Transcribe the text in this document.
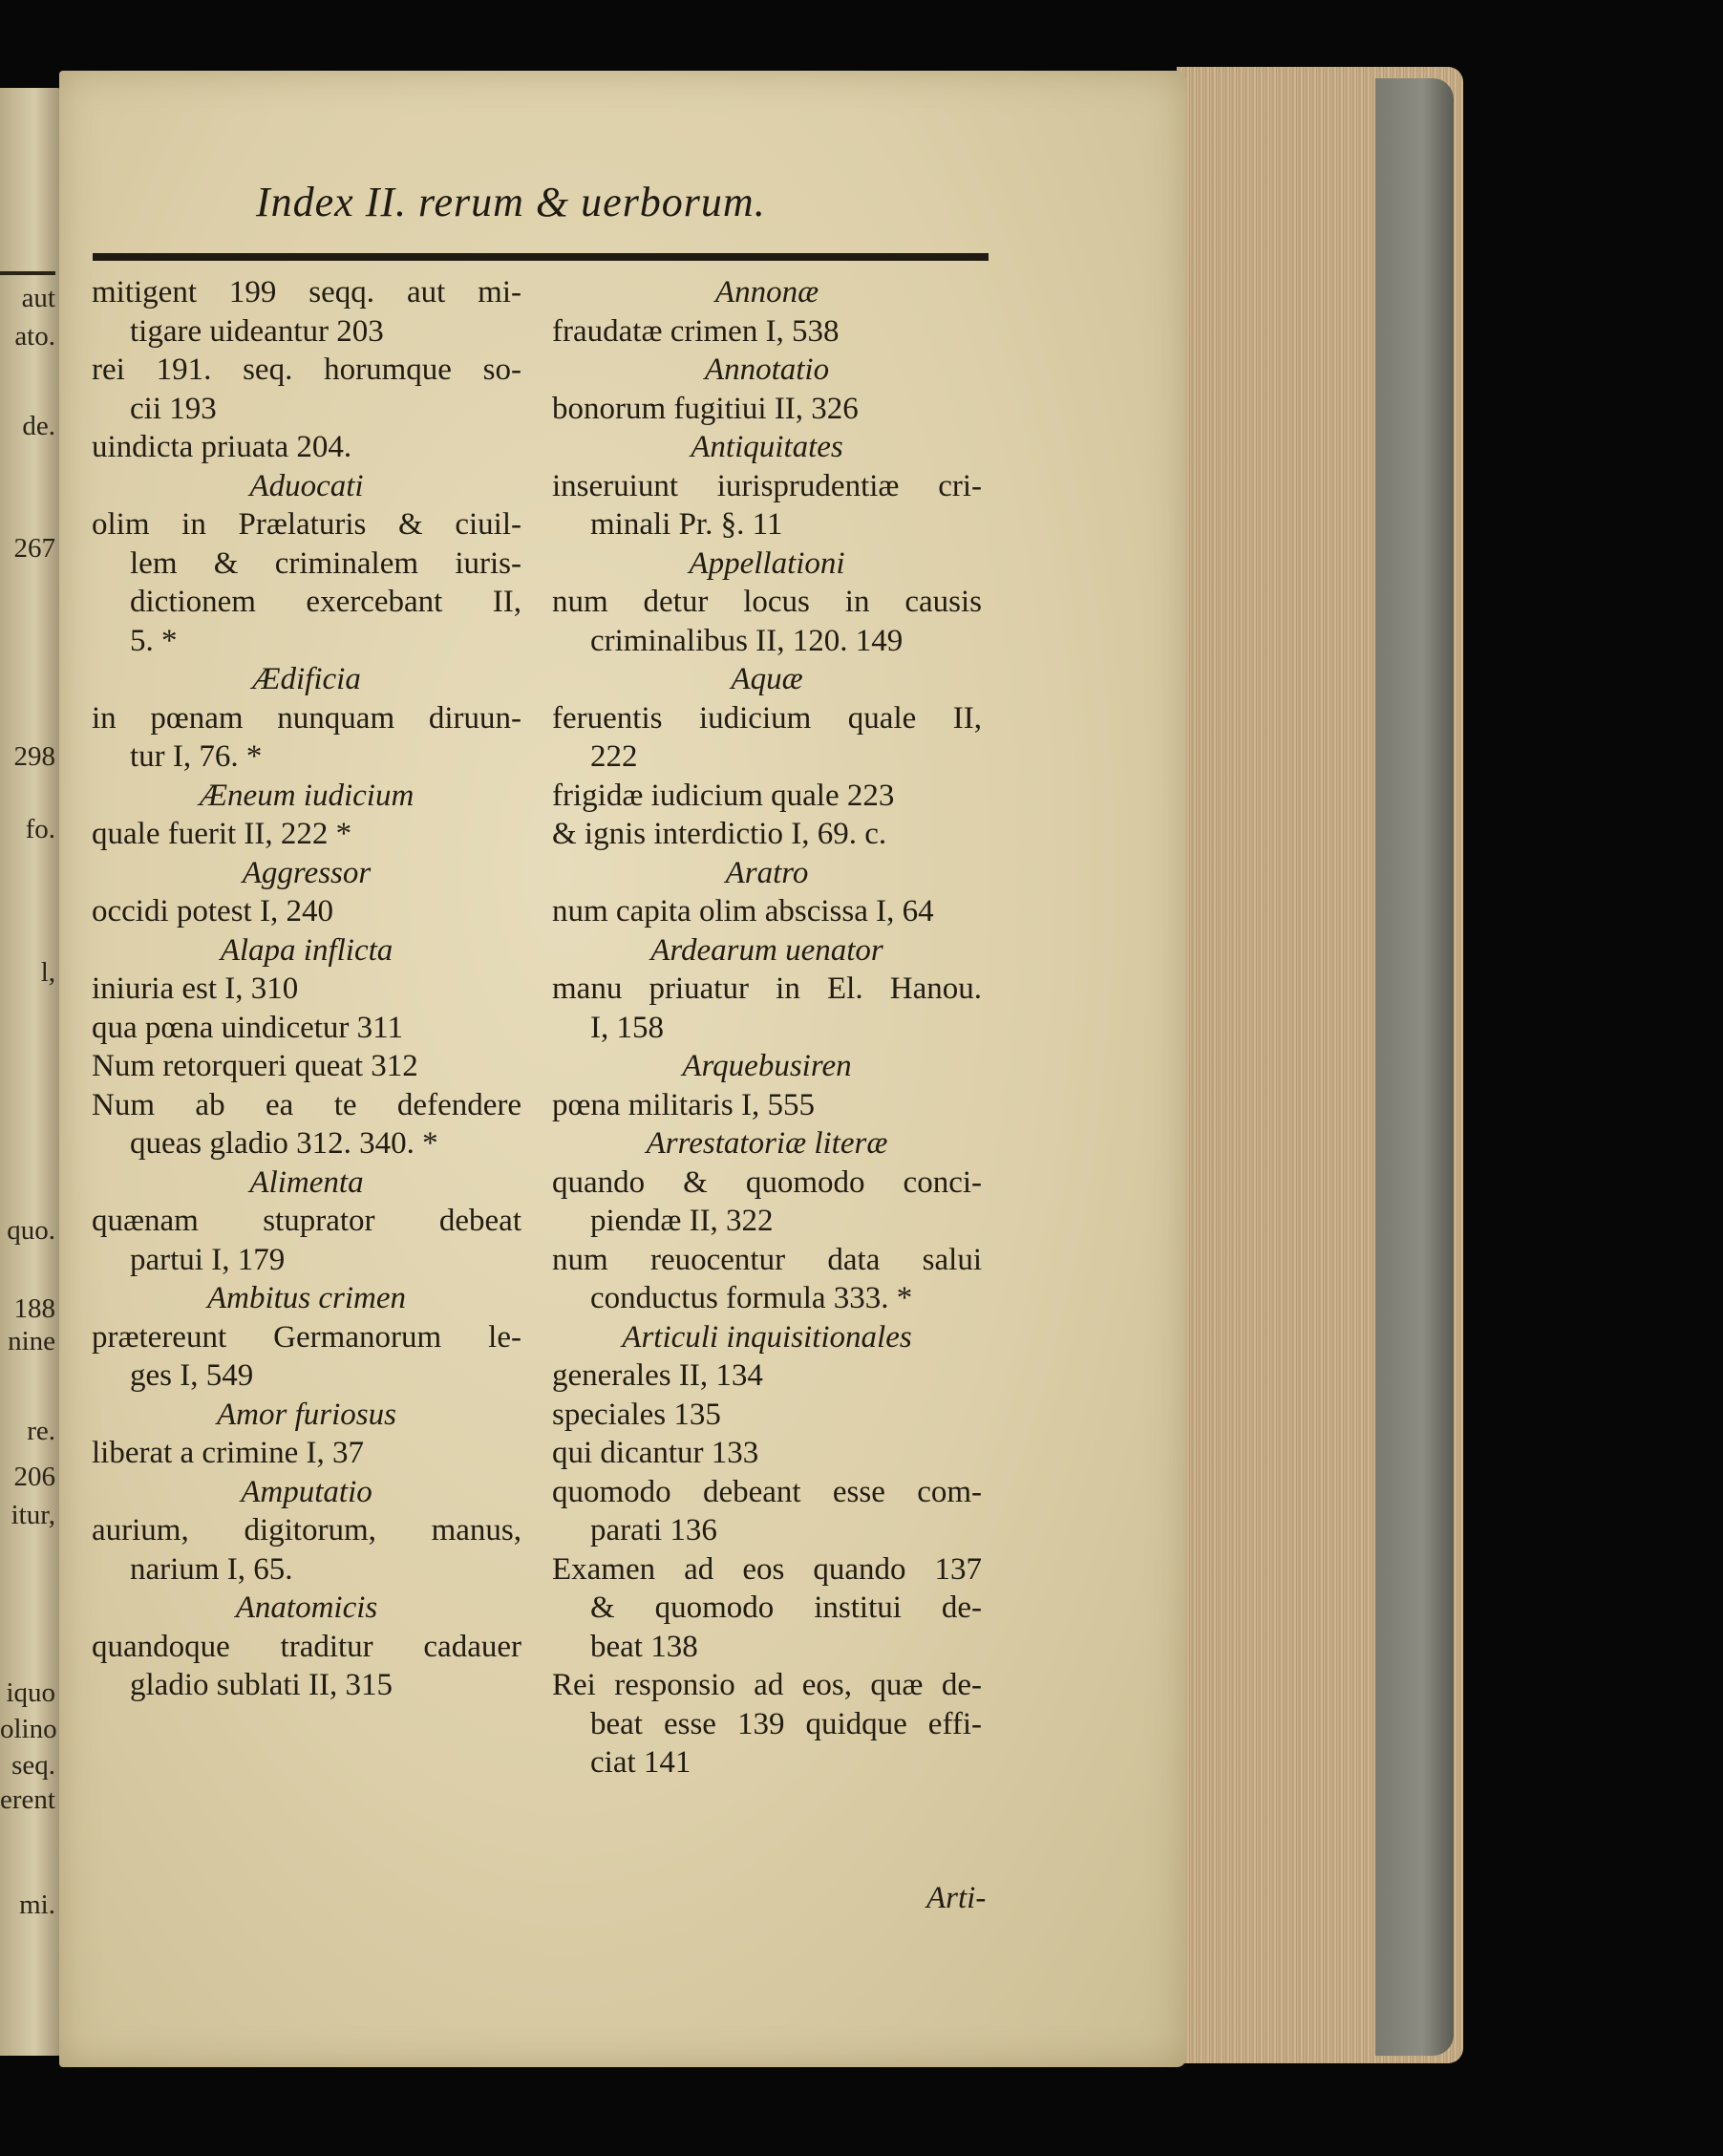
aut
ato.
de.
267
298
fo.
l,
quo.
188
nine
re.
206
itur,
iquo
olino
seq.
erent
mi.
Index II. rerum & uerborum.
mitigent 199 seqq. aut mi-
tigare uideantur 203
rei 191. seq. horumque so-
cii 193
uindicta priuata 204.
Aduocati
olim in Prælaturis & ciuil-
lem & criminalem iuris-
dictionem exercebant II,
5. *
Ædificia
in pœnam nunquam diruun-
tur I, 76. *
Æneum iudicium
quale fuerit II, 222 *
Aggressor
occidi potest I, 240
Alapa inflicta
iniuria est I, 310
qua pœna uindicetur 311
Num retorqueri queat 312
Num ab ea te defendere
queas gladio 312. 340. *
Alimenta
quænam stuprator debeat
partui I, 179
Ambitus crimen
prætereunt Germanorum le-
ges I, 549
Amor furiosus
liberat a crimine I, 37
Amputatio
aurium, digitorum, manus,
narium I, 65.
Anatomicis
quandoque traditur cadauer
gladio sublati II, 315
Annonæ
fraudatæ crimen I, 538
Annotatio
bonorum fugitiui II, 326
Antiquitates
inseruiunt iurisprudentiæ cri-
minali Pr. §. 11
Appellationi
num detur locus in causis
criminalibus II, 120. 149
Aquæ
feruentis iudicium quale II,
222
frigidæ iudicium quale 223
& ignis interdictio I, 69. c.
Aratro
num capita olim abscissa I, 64
Ardearum uenator
manu priuatur in El. Hanou.
I, 158
Arquebusiren
pœna militaris I, 555
Arrestatoriæ literæ
quando & quomodo conci-
piendæ II, 322
num reuocentur data salui
conductus formula 333. *
Articuli inquisitionales
generales II, 134
speciales 135
qui dicantur 133
quomodo debeant esse com-
parati 136
Examen ad eos quando 137
& quomodo institui de-
beat 138
Rei responsio ad eos, quæ de-
beat esse 139 quidque effi-
ciat 141
Arti-
